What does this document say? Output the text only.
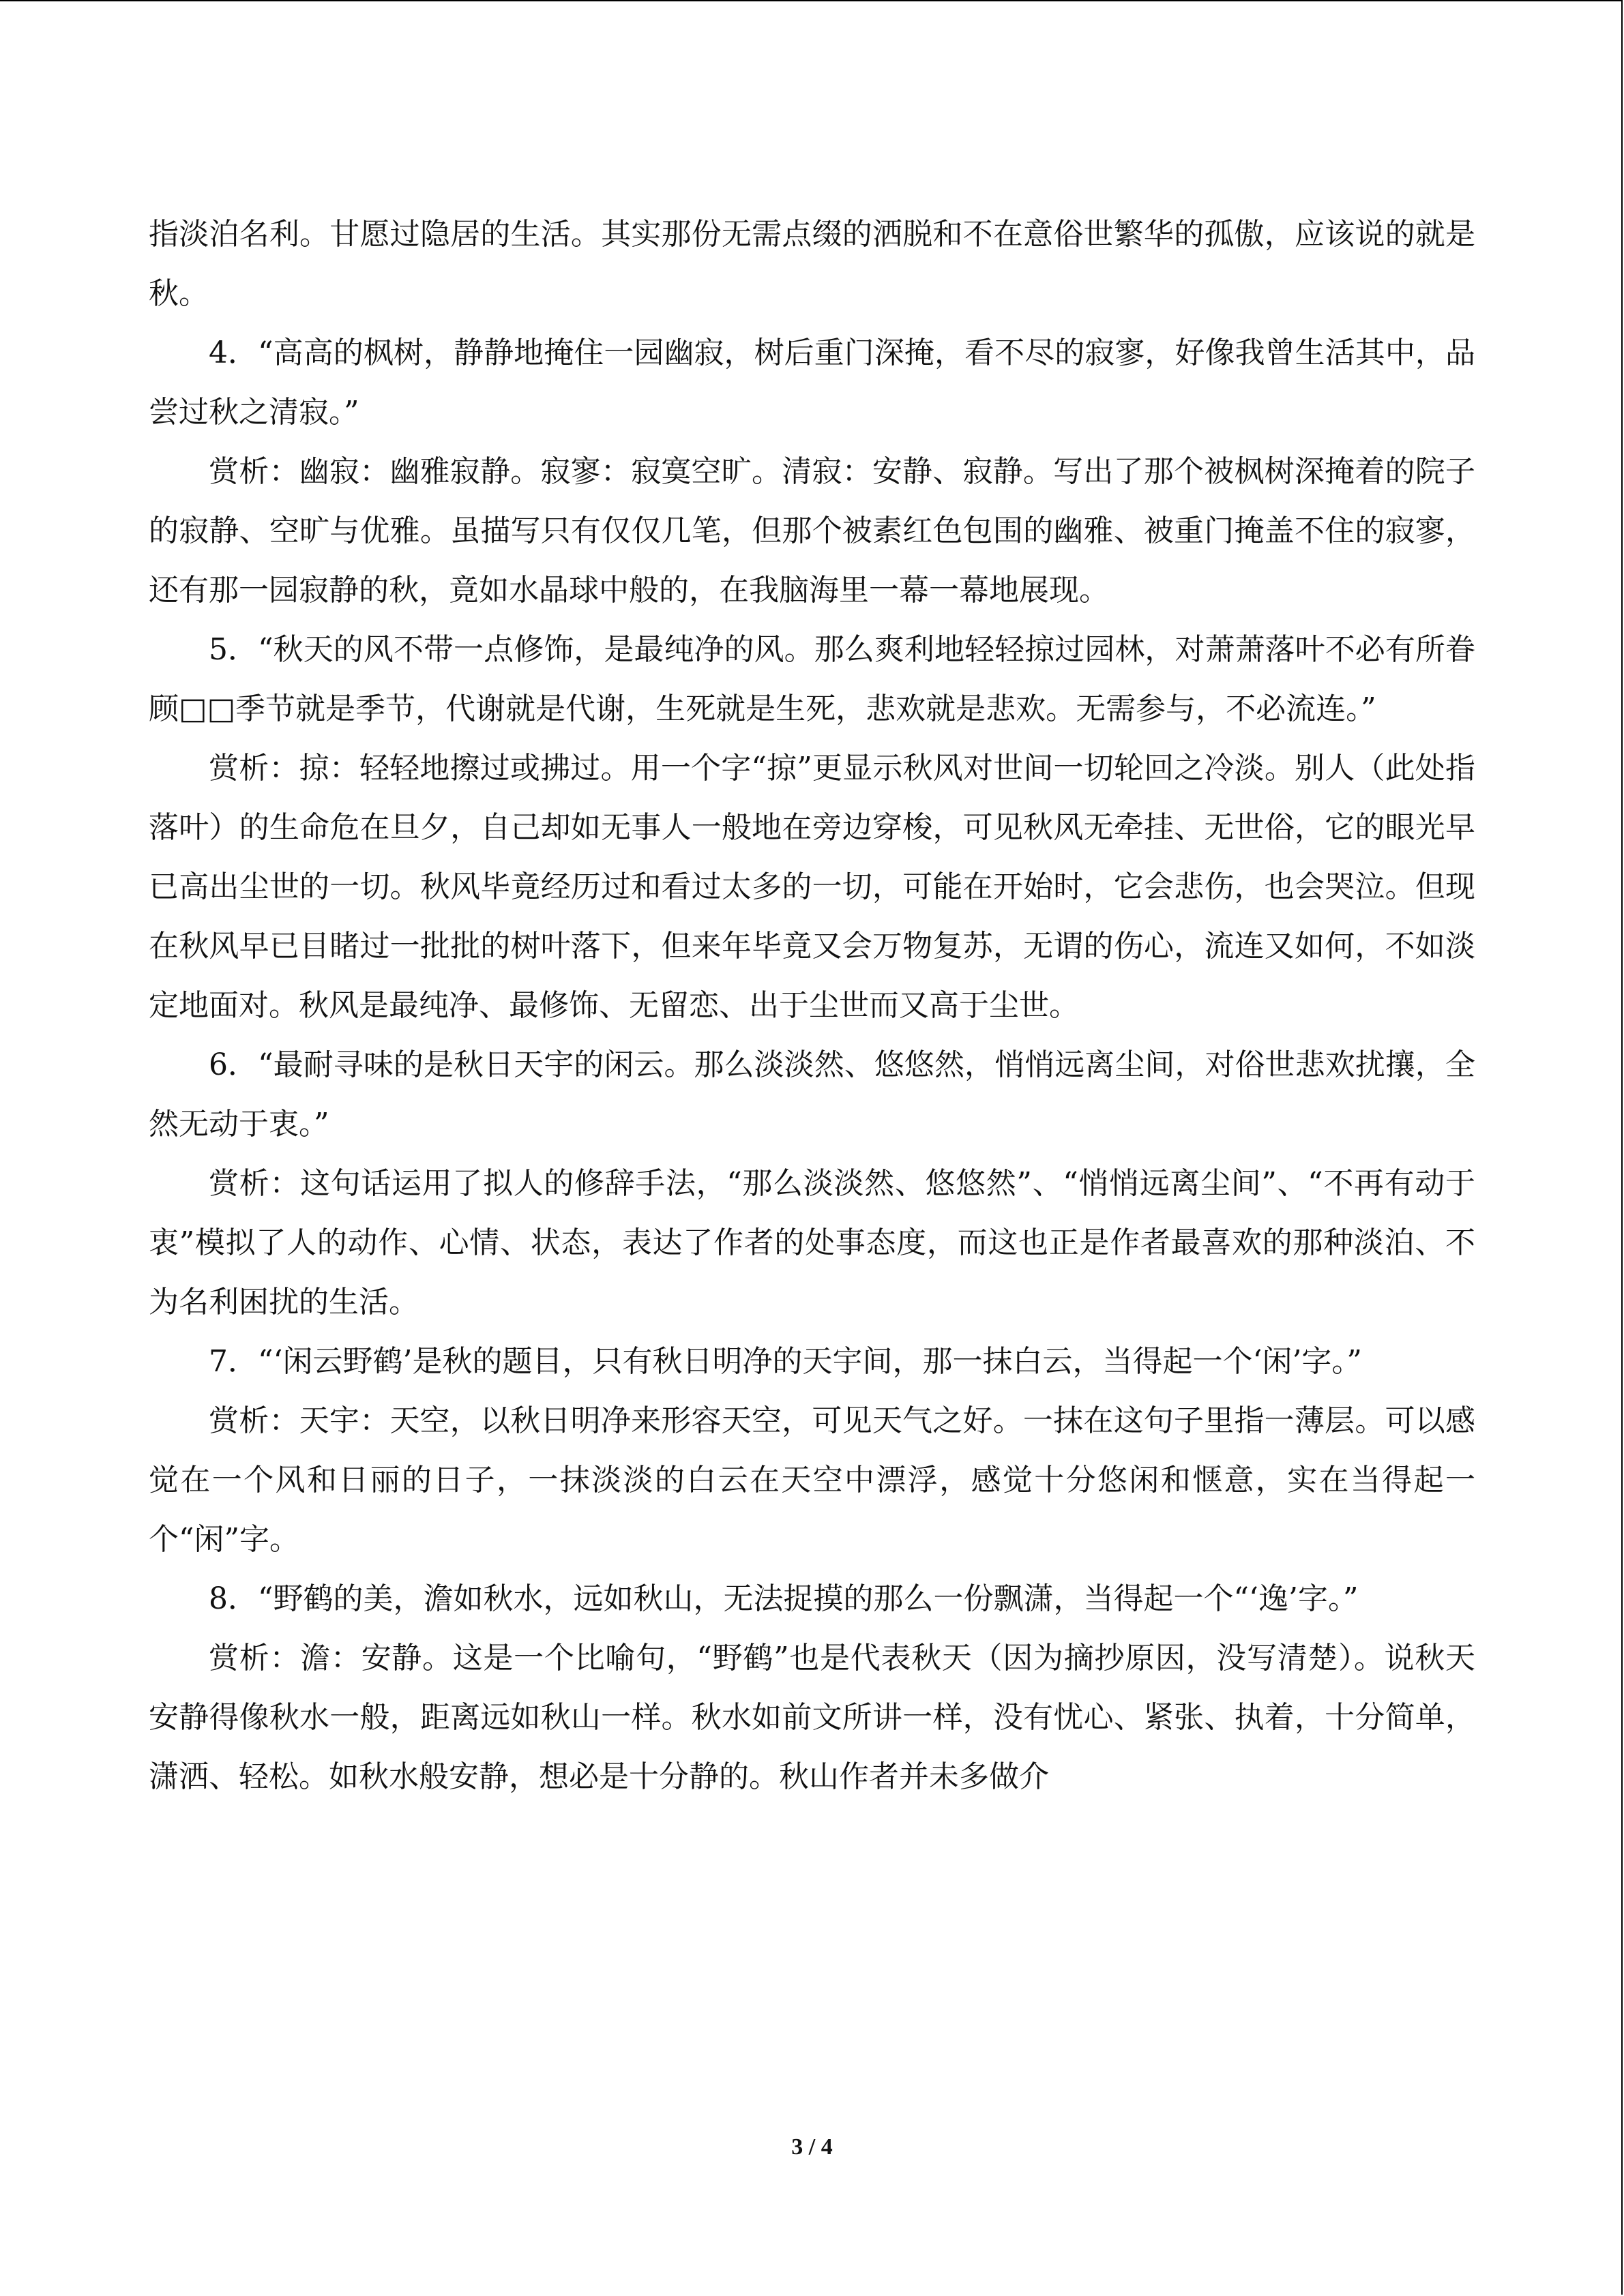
指淡泊名利。甘愿过隐居的生活。其实那份无需点缀的洒脱和不在意俗世繁华的孤傲，应该说的就是秋。

4．“高高的枫树，静静地掩住一园幽寂，树后重门深掩，看不尽的寂寥，好像我曾生活其中，品尝过秋之清寂。”

赏析：幽寂：幽雅寂静。寂寥：寂寞空旷。清寂：安静、寂静。写出了那个被枫树深掩着的院子的寂静、空旷与优雅。虽描写只有仅仅几笔，但那个被素红色包围的幽雅、被重门掩盖不住的寂寥，还有那一园寂静的秋，竟如水晶球中般的，在我脑海里一幕一幕地展现。

5．“秋天的风不带一点修饰，是最纯净的风。那么爽利地轻轻掠过园林，对萧萧落叶不必有所眷顾□□季节就是季节，代谢就是代谢，生死就是生死，悲欢就是悲欢。无需参与，不必流连。”

赏析：掠：轻轻地擦过或拂过。用一个字“掠”更显示秋风对世间一切轮回之冷淡。别人（此处指落叶）的生命危在旦夕，自己却如无事人一般地在旁边穿梭，可见秋风无牵挂、无世俗，它的眼光早已高出尘世的一切。秋风毕竟经历过和看过太多的一切，可能在开始时，它会悲伤，也会哭泣。但现在秋风早已目睹过一批批的树叶落下，但来年毕竟又会万物复苏，无谓的伤心，流连又如何，不如淡定地面对。秋风是最纯净、最修饰、无留恋、出于尘世而又高于尘世。

6．“最耐寻味的是秋日天宇的闲云。那么淡淡然、悠悠然，悄悄远离尘间，对俗世悲欢扰攘，全然无动于衷。”

赏析：这句话运用了拟人的修辞手法，“那么淡淡然、悠悠然”、“悄悄远离尘间”、“不再有动于衷”模拟了人的动作、心情、状态，表达了作者的处事态度，而这也正是作者最喜欢的那种淡泊、不为名利困扰的生活。

7．“‘闲云野鹤’是秋的题目，只有秋日明净的天宇间，那一抹白云，当得起一个‘闲’字。”

赏析：天宇：天空，以秋日明净来形容天空，可见天气之好。一抹在这句子里指一薄层。可以感觉在一个风和日丽的日子，一抹淡淡的白云在天空中漂浮，感觉十分悠闲和惬意，实在当得起一个“闲”字。

8．“野鹤的美，澹如秋水，远如秋山，无法捉摸的那么一份飘潇，当得起一个“‘逸’字。”

赏析：澹：安静。这是一个比喻句，“野鹤”也是代表秋天（因为摘抄原因，没写清楚）。说秋天安静得像秋水一般，距离远如秋山一样。秋水如前文所讲一样，没有忧心、紧张、执着，十分简单，潇洒、轻松。如秋水般安静，想必是十分静的。秋山作者并未多做介

3 / 4
